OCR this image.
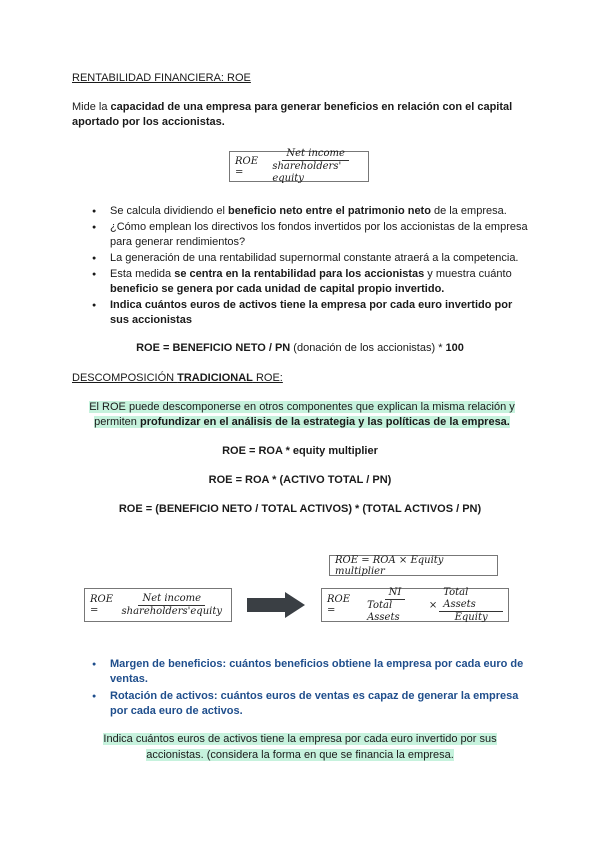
RENTABILIDAD FINANCIERA: ROE
Mide la capacidad de una empresa para generar beneficios en relación con el capital aportado por los accionistas.
ROE =	$\frac{\text{Net income}}{\text{shareholders' equity}}$
● Se calcula dividiendo el beneficio neto entre el patrimonio neto de la empresa.
● ¿Cómo emplean los directivos los fondos invertidos por los accionistas de la empresa para generar rendimientos?
● La generación de una rentabilidad supernormal constante atraerá a la competencia.
● Esta medida se centra en la rentabilidad para los accionistas y muestra cuánto beneficio se genera por cada unidad de capital propio invertido.
● Indica cuántos euros de activos tiene la empresa por cada euro invertido por sus accionistas
ROE = BENEFICIO NETO / PN (donación de los accionistas) * 100
DESCOMPOSICIÓN TRADICIONAL ROE:
El ROE puede descomponerse en otros componentes que explican la misma relación y permiten profundizar en el análisis de la estrategia y las políticas de la empresa.
ROE = ROA * equity multiplier
ROE = ROA * (ACTIVO TOTAL / PN)
ROE = (BENEFICIO NETO / TOTAL ACTIVOS) * (TOTAL ACTIVOS / PN)
ROE = ROA × Equity multiplier
ROE =	$\frac{\text{Net income}}{\text{shareholders'equity}}$	ROE =	$\frac{NI}{\text{Total Assets}} \times \frac{\text{Total Assets}}{\text{Equity}}$
● Margen de beneficios: cuántos beneficios obtiene la empresa por cada euro de ventas.
● Rotación de activos: cuántos euros de ventas es capaz de generar la empresa por cada euro de activos.
Indica cuántos euros de activos tiene la empresa por cada euro invertido por sus accionistas. (considera la forma en que se financia la empresa.
